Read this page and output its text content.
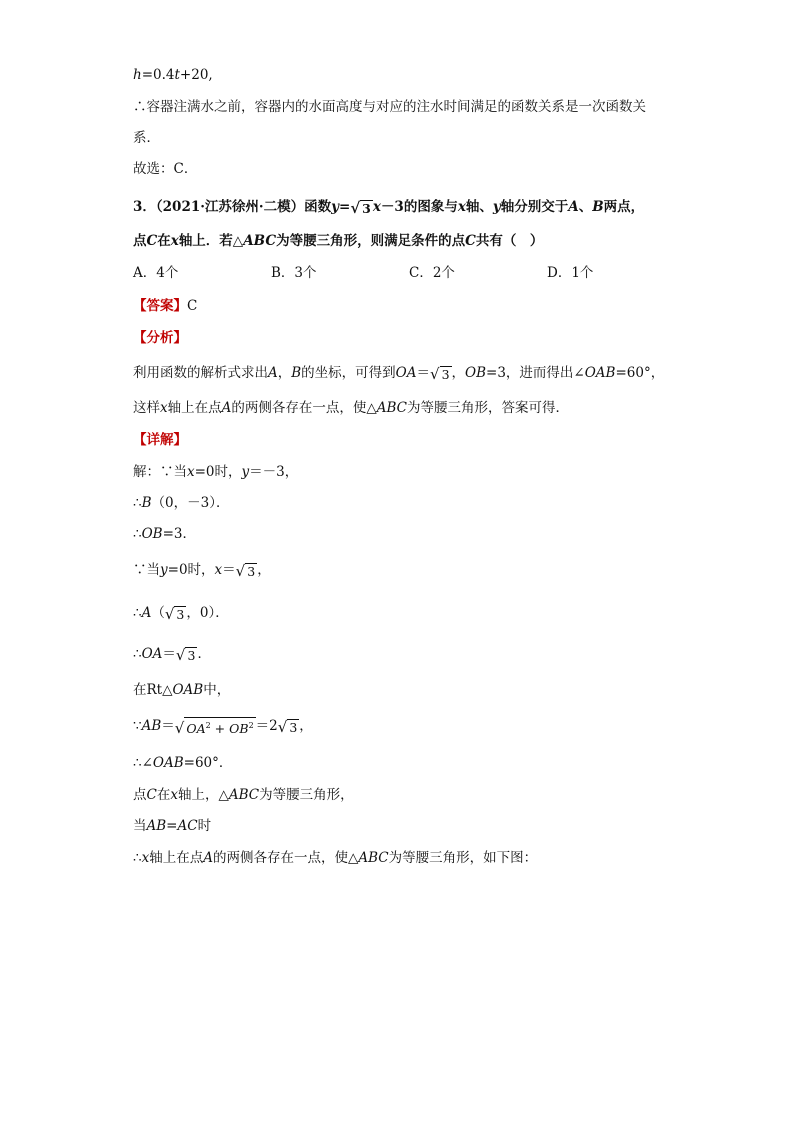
h=0.4t+20,
∴容器注满水之前，容器内的水面高度与对应的注水时间满足的函数关系是一次函数关
系．
故选：C．
3．（2021·江苏徐州·二模）函数y= √ 3 x－3的图象与x轴、y轴分别交于A、B两点，
点C在x轴上．若△ABC为等腰三角形，则满足条件的点C共有（　）
A．4个	B．3个	C．2个	D．1个
【答案】C
【分析】
利用函数的解析式求出A，B的坐标，可得到OA＝ √ 3 ，OB=3，进而得出∠OAB=60°，
这样x轴上在点A的两侧各存在一点，使△ABC为等腰三角形，答案可得．
【详解】
解：∵当x=0时，y＝－3，
∴B（0，－3）．
∴OB=3．
∵当y=0时，x＝ √ 3 ，
∴A（ √ 3 ，0）．
∴OA＝ √ 3 ．
在Rt△OAB中，
∵AB＝ √ $OA^2 + OB^2 =2$ √ 3 ，
∴∠OAB=60°．
点C在x轴上，△ABC为等腰三角形，
当AB=AC时
∴x轴上在点A的两侧各存在一点，使△ABC为等腰三角形，如下图：
